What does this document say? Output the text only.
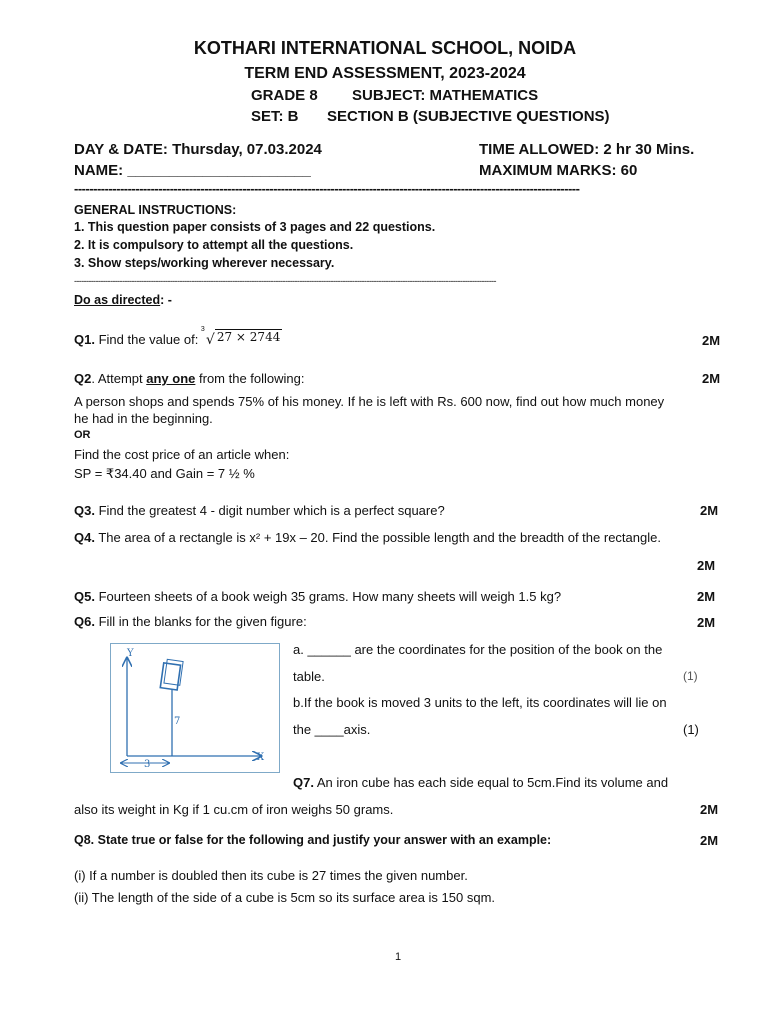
KOTHARI INTERNATIONAL SCHOOL, NOIDA
TERM END ASSESSMENT, 2023-2024
GRADE 8 SUBJECT: MATHEMATICS
SET: B SECTION B (SUBJECTIVE QUESTIONS)
DAY & DATE: Thursday, 07.03.2024	TIME ALLOWED: 2 hr 30 Mins.
NAME: ______________________	MAXIMUM MARKS: 60
------------------------------------------------------------------------------------------------------------------------------------
GENERAL INSTRUCTIONS:
1. This question paper consists of 3 pages and 22 questions.
2. It is compulsory to attempt all the questions.
3. Show steps/working wherever necessary.
--------------------------------------------------------------------------------------------------------------------------------------------------------------------------------
Do as directed: -
Q1. Find the value of:
3
√ 27 × 2744	2M
Q2. Attempt any one from the following:	2M
A person shops and spends 75% of his money. If he is left with Rs. 600 now, find out how much money
he had in the beginning.
OR
Find the cost price of an article when:
SP = ₹34.40 and Gain = 7 ½ %
Q3. Find the greatest 4 - digit number which is a perfect square?	2M
Q4. The area of a rectangle is x² + 19x – 20. Find the possible length and the breadth of the rectangle.
2M
Q5. Fourteen sheets of a book weigh 35 grams. How many sheets will weigh 1.5 kg?	2M
Q6. Fill in the blanks for the given figure:	2M
Y
X
7
3
a. ______ are the coordinates for the position of the book on the
table.	(1)
b.If the book is moved 3 units to the left, its coordinates will lie on
the ____axis.	(1)
Q7. An iron cube has each side equal to 5cm.Find its volume and
also its weight in Kg if 1 cu.cm of iron weighs 50 grams.	2M
Q8. State true or false for the following and justify your answer with an example:	2M
(i) If a number is doubled then its cube is 27 times the given number.
(ii) The length of the side of a cube is 5cm so its surface area is 150 sqm.
1
